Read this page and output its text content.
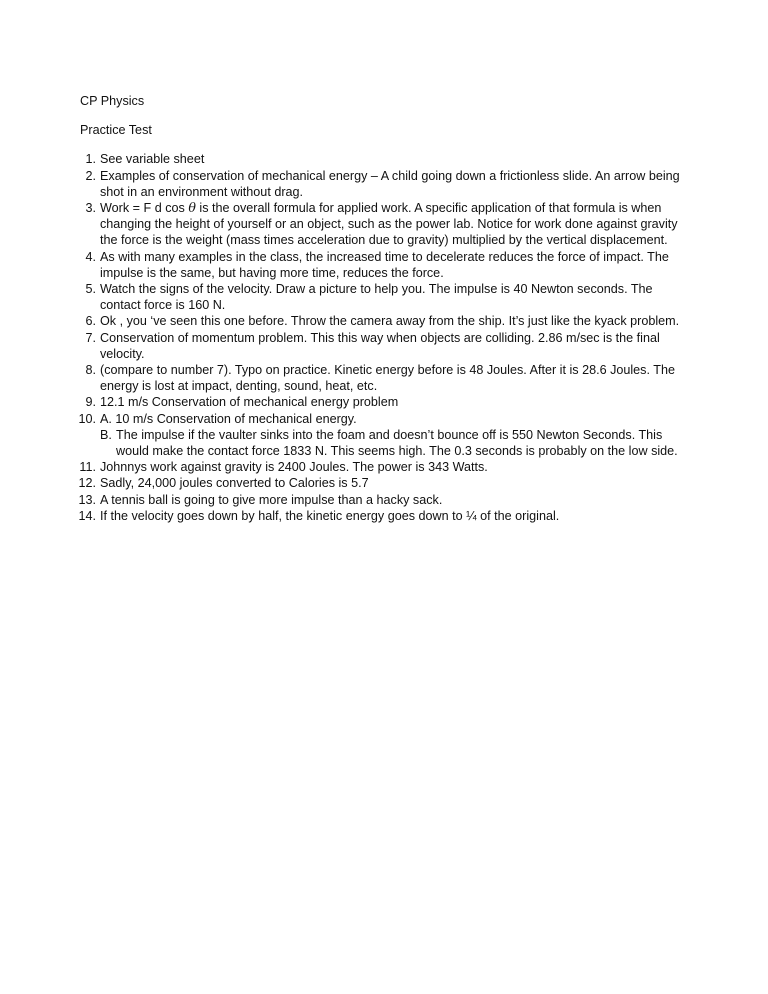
CP Physics

Practice Test

1. See variable sheet
2. Examples of conservation of mechanical energy – A child going down a frictionless slide. An arrow being shot in an environment without drag.
3. Work = F d cos θ is the overall formula for applied work. A specific application of that formula is when changing the height of yourself or an object, such as the power lab. Notice for work done against gravity the force is the weight (mass times acceleration due to gravity) multiplied by the vertical displacement.
4. As with many examples in the class, the increased time to decelerate reduces the force of impact. The impulse is the same, but having more time, reduces the force.
5. Watch the signs of the velocity. Draw a picture to help you. The impulse is 40 Newton seconds. The contact force is 160 N.
6. Ok , you ‘ve seen this one before. Throw the camera away from the ship. It’s just like the kyack problem.
7. Conservation of momentum problem. This this way when objects are colliding. 2.86 m/sec is the final velocity.
8. (compare to number 7). Typo on practice. Kinetic energy before is 48 Joules. After it is 28.6 Joules. The energy is lost at impact, denting, sound, heat, etc.
9. 12.1 m/s Conservation of mechanical energy problem
10. A. 10 m/s Conservation of mechanical energy.
B. The impulse if the vaulter sinks into the foam and doesn’t bounce off is 550 Newton Seconds. This would make the contact force 1833 N. This seems high. The 0.3 seconds is probably on the low side.
11. Johnnys work against gravity is 2400 Joules. The power is 343 Watts.
12. Sadly, 24,000 joules converted to Calories is 5.7
13. A tennis ball is going to give more impulse than a hacky sack.
14. If the velocity goes down by half, the kinetic energy goes down to ¼ of the original.
